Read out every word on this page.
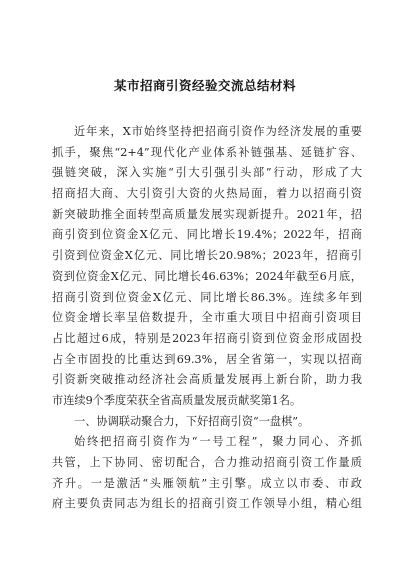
某市招商引资经验交流总结材料
近年来，X市始终坚持把招商引资作为经济发展的重要
抓手，聚焦“2+4”现代化产业体系补链强基、延链扩容、
强链突破，深入实施“引大引强引头部”行动，形成了大
招商招大商、大引资引大资的火热局面，着力以招商引资
新突破助推全面转型高质量发展实现新提升。2021年，招
商引资到位资金X亿元、同比增长19.4%；2022年，招商
引资到位资金X亿元、同比增长20.98%；2023年，招商引
资到位资金X亿元、同比增长46.63%；2024年截至6月底，
招商引资到位资金X亿元、同比增长86.3%。连续多年到
位资金增长率呈倍数提升，全市重大项目中招商引资项目
占比超过6成，特别是2023年招商引资到位资金形成固投
占全市固投的比重达到69.3%，居全省第一，实现以招商
引资新突破推动经济社会高质量发展再上新台阶，助力我
市连续9个季度荣获全省高质量发展贡献奖第1名。
一、协调联动聚合力，下好招商引资“一盘棋”。
始终把招商引资作为“一号工程”，聚力同心、齐抓
共管，上下协同、密切配合，合力推动招商引资工作量质
齐升。一是激活“头雁领航”主引擎。成立以市委、市政
府主要负责同志为组长的招商引资工作领导小组，精心组
